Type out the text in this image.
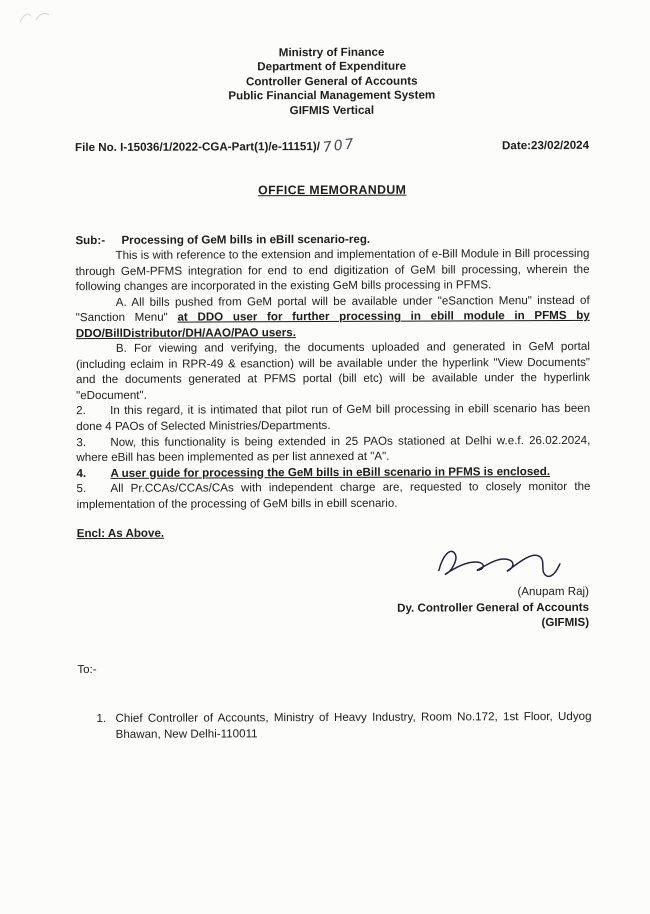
Ministry of Finance
Department of Expenditure
Controller General of Accounts
Public Financial Management System
GIFMIS Vertical
File No. I-15036/1/2022-CGA-Part(1)/e-11151)/ 707	Date:23/02/2024
OFFICE MEMORANDUM
Sub:- Processing of GeM bills in eBill scenario-reg.

This is with reference to the extension and implementation of e-Bill Module in Bill processing through GeM-PFMS integration for end to end digitization of GeM bill processing, wherein the following changes are incorporated in the existing GeM bills processing in PFMS.

A. All bills pushed from GeM portal will be available under "eSanction Menu" instead of "Sanction Menu" at DDO user for further processing in ebill module in PFMS by DDO/BillDistributor/DH/AAO/PAO users.

B. For viewing and verifying, the documents uploaded and generated in GeM portal (including eclaim in RPR-49 & esanction) will be available under the hyperlink "View Documents" and the documents generated at PFMS portal (bill etc) will be available under the hyperlink "eDocument".

2. In this regard, it is intimated that pilot run of GeM bill processing in ebill scenario has been done 4 PAOs of Selected Ministries/Departments.

3. Now, this functionality is being extended in 25 PAOs stationed at Delhi w.e.f. 26.02.2024, where eBill has been implemented as per list annexed at "A".

4. A user guide for processing the GeM bills in eBill scenario in PFMS is enclosed.

5. All Pr.CCAs/CCAs/CAs with independent charge are, requested to closely monitor the implementation of the processing of GeM bills in ebill scenario.

Encl: As Above.
(Anupam Raj)
Dy. Controller General of Accounts
(GIFMIS)
To:-
1. Chief Controller of Accounts, Ministry of Heavy Industry, Room No.172, 1st Floor, Udyog Bhawan, New Delhi-110011
